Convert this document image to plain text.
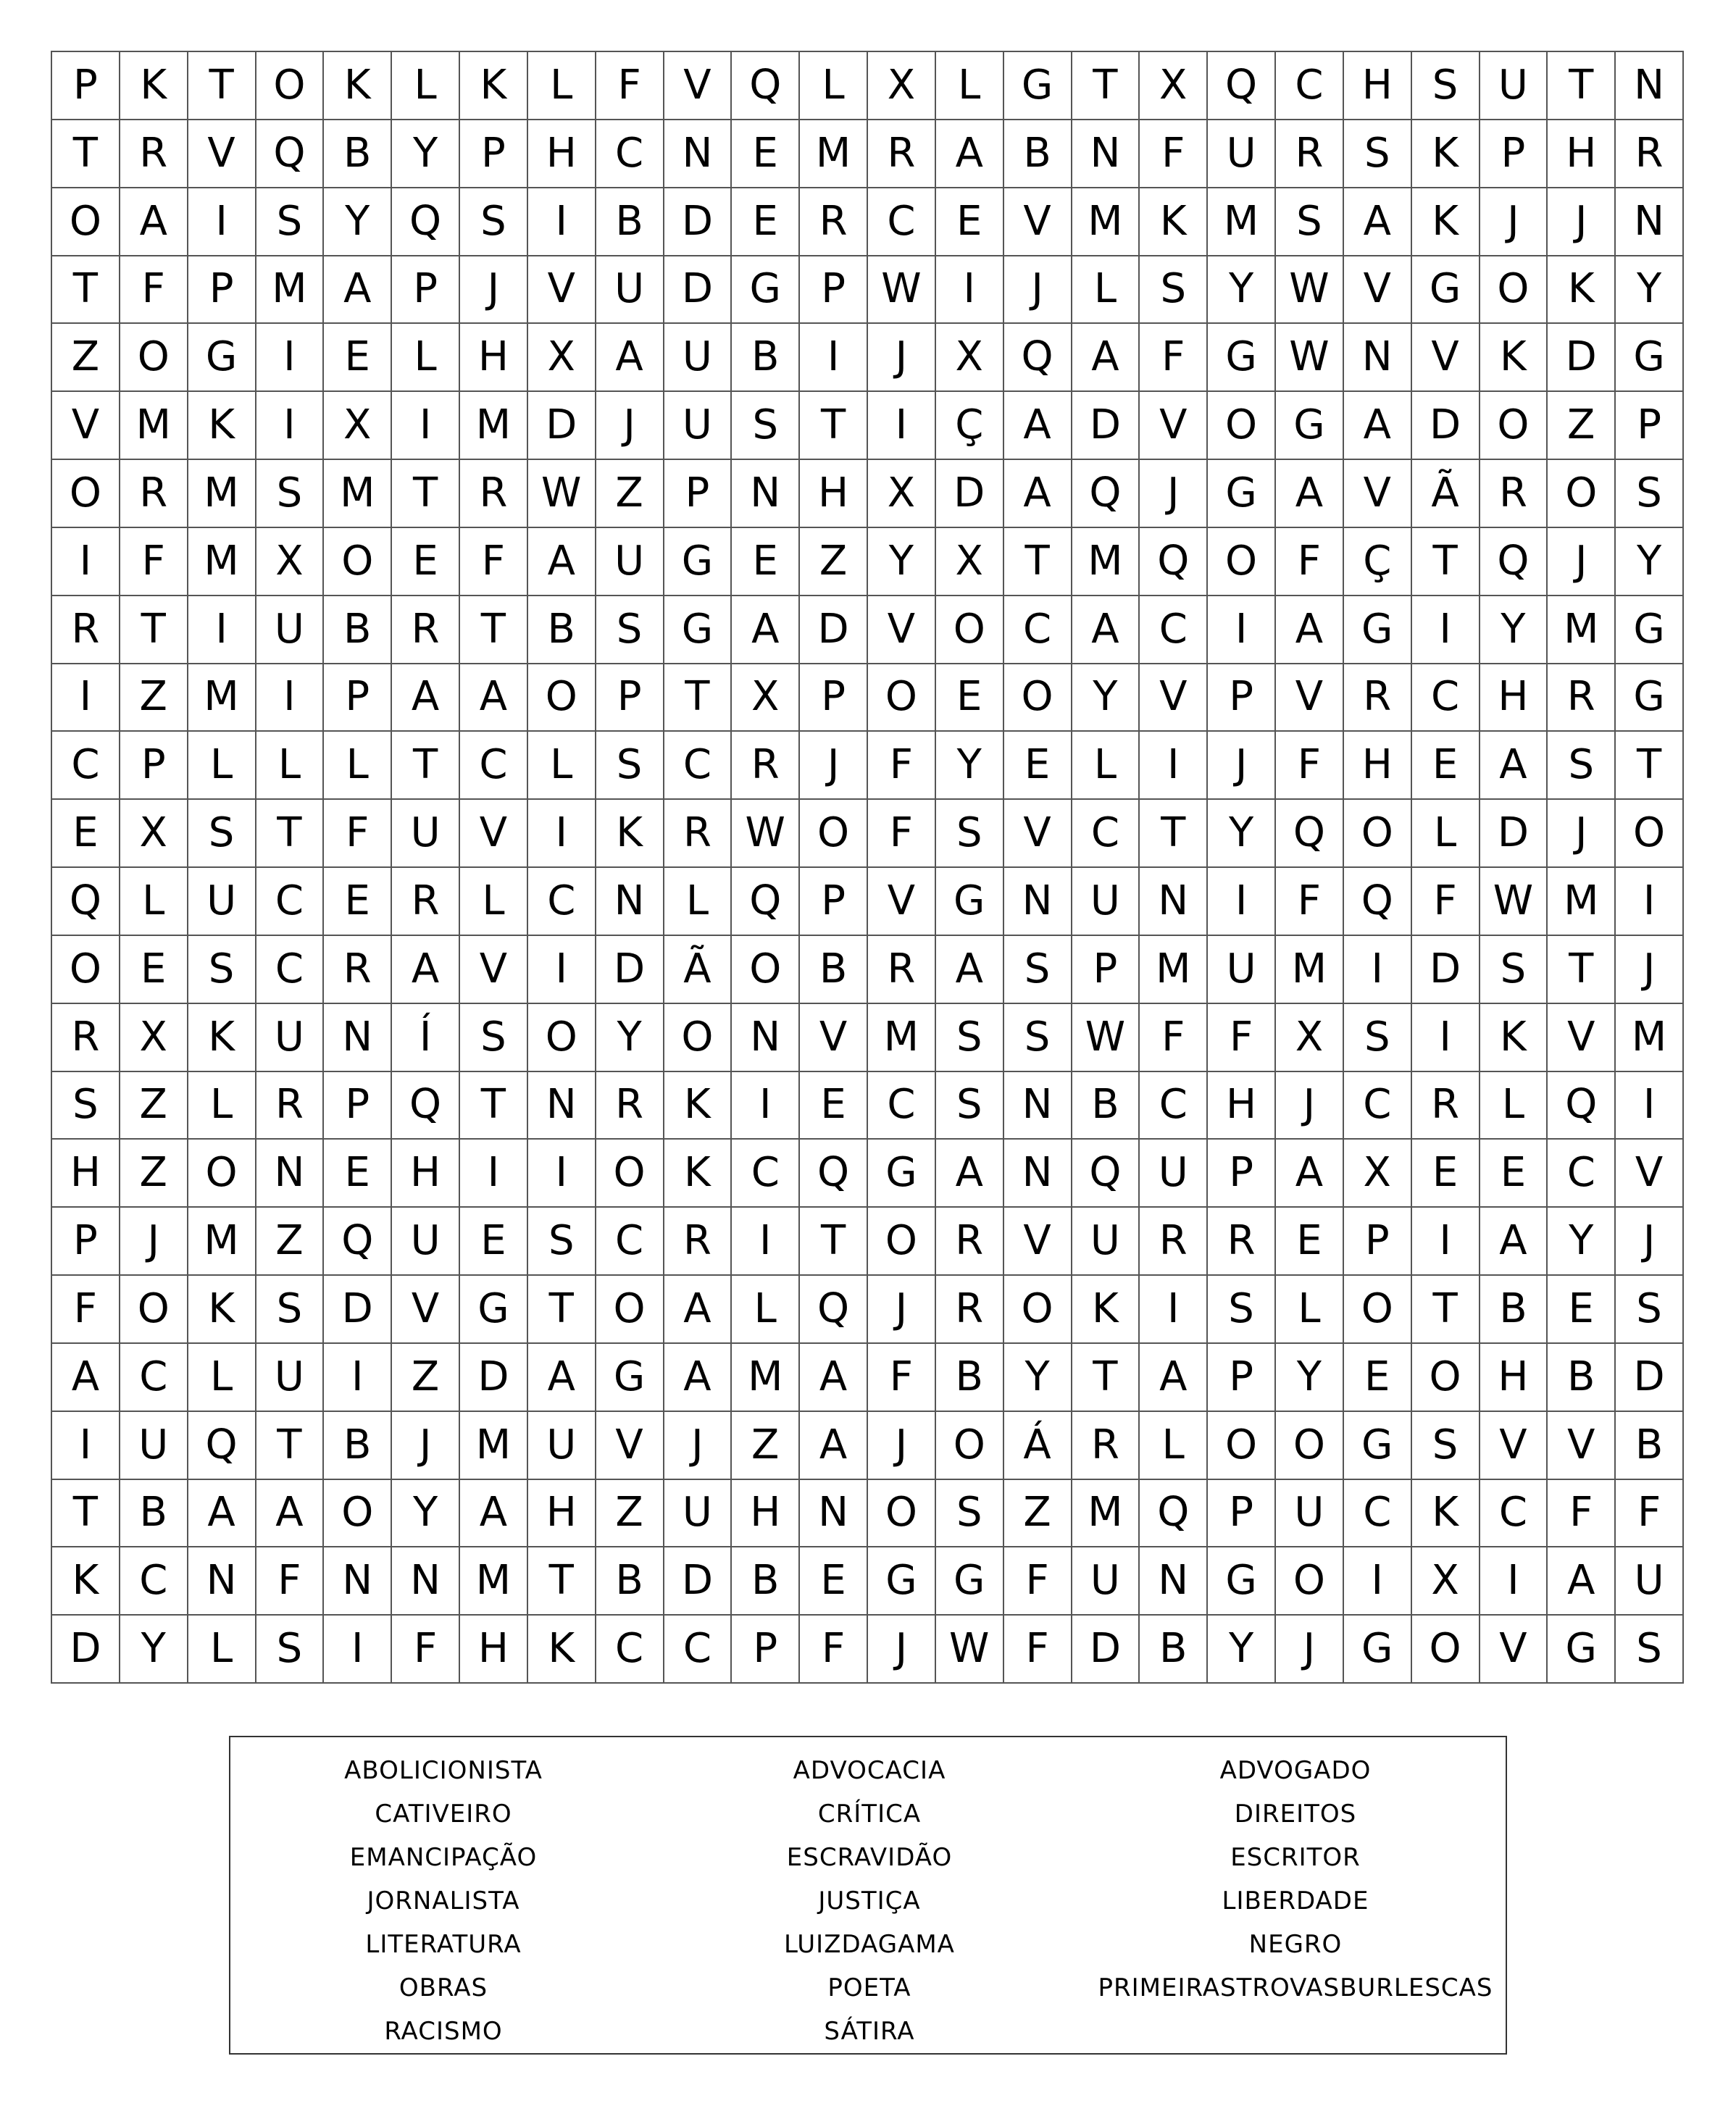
P	K	T O K	L	K	L	F	V Q	L	X	L	G T	X Q C H S U	T N
T	R V Q B	Y	P H C N E M R A B N	F	U R	S	K	P H R
O A	I	S	Y Q S	I	B D E	R C	E	V M K M S	A	K	J	J	N
T	F	P M A	P	J	V U D G P W	I	J	L	S	Y W V G O K	Y
Z O G	I	E	L	H X A U B	I	J	X Q A	F	G W N V	K D G
V M K	I	X	I	M D	J	U S	T	I	Ç A D V O G A D O Z	P
O R M S M T	R W Z	P	N H X D A Q	J	G A V Ã R O S
I	F M X O E	F	A U G E	Z	Y	X	T M Q O F	Ç	T Q	J	Y
R	T	I	U B R	T	B	S G A D V O C A C	I	A G	I	Y M G
I	Z M	I	P	A A O P	T	X	P O E O Y	V	P	V R C H R G
C	P	L	L	L	T	C	L	S	C R	J	F	Y	E	L	I	J	F	H E	A	S	T
E	X	S	T	F	U V	I	K	R W O F	S	V C	T	Y Q O	L	D	J	O
Q	L	U C	E	R	L	C N	L	Q P	V G N U N	I	F Q F W M	I
O E	S	C R A V	I	D Ã O B R A	S	P M U M	I	D S	T	J
R X	K U N	Í	S O Y O N V M S	S W F	F	X	S	I	K	V M
S	Z	L	R	P Q T N R	K	I	E	C	S N B C H	J	C R	L	Q	I
H Z O N E H	I	I	O K C Q G A N Q U	P	A X	E	E	C V
P	J	M Z Q U E	S	C R	I	T O R V U R R	E	P	I	A	Y	J
F O K	S D V G T O A	L	Q	J	R O K	I	S	L	O T	B	E	S
A C	L	U	I	Z D A G A M A	F	B	Y	T	A	P	Y	E O H B D
I	U Q T	B	J	M U V	J	Z A	J	O Á R	L	O O G S	V V B
T	B A A O Y	A H Z U H N O S	Z M Q P	U C K C	F	F
K C N	F	N N M T	B D B	E G G	F	U N G O	I	X	I	A U
D Y	L	S	I	F	H K C C	P	F	J	W F	D B	Y	J	G O V G S
ABOLICIONISTA
CATIVEIRO
EMANCIPAÇÃO
JORNALISTA
LITERATURA
OBRAS
RACISMO
ADVOCACIA
CRÍTICA
ESCRAVIDÃO
JUSTIÇA
LUIZDAGAMA
POETA
SÁTIRA
ADVOGADO
DIREITOS
ESCRITOR
LIBERDADE
NEGRO
PRIMEIRASTROVASBURLESCAS
